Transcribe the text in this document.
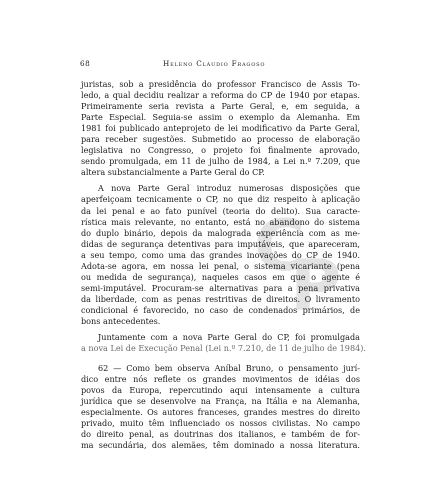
68	Heleno Cláudio Fragoso
juristas, sob a presidência do professor Francisco de Assis To-
ledo, a qual decidiu realizar a reforma do CP de 1940 por etapas.
Primeiramente seria revista a Parte Geral, e, em seguida, a
Parte Especial. Seguia-se assim o exemplo da Alemanha. Em
1981 foi publicado anteprojeto de lei modificativo da Parte Geral,
para receber sugestões. Submetido ao processo de elaboração
legislativa no Congresso, o projeto foi finalmente aprovado,
sendo promulgada, em 11 de julho de 1984, a Lei n.º 7.209, que
altera substancialmente a Parte Geral do CP.
A nova Parte Geral introduz numerosas disposições que
aperfeiçoam tecnicamente o CP, no que diz respeito à aplicação
da lei penal e ao fato punível (teoria do delito). Sua caracte-
rística mais relevante, no entanto, está no abandono do sistema
do duplo binário, depois da malograda experiência com as me-
didas de segurança detentivas para imputáveis, que apareceram,
a seu tempo, como uma das grandes inovações do CP de 1940.
Adota-se agora, em nossa lei penal, o sistema vicariante (pena
ou medida de segurança), naqueles casos em que o agente é
semi-imputável. Procuram-se alternativas para a pena privativa
da liberdade, com as penas restritivas de direitos. O livramento
condicional é favorecido, no caso de condenados primários, de
bons antecedentes.
Juntamente com a nova Parte Geral do CP, foi promulgada
a nova Lei de Execução Penal (Lei n.º 7.210, de 11 de julho de 1984).
62 — Como bem observa Aníbal Bruno, o pensamento jurí-
dico entre nós reflete os grandes movimentos de idéias dos
povos da Europa, repercutindo aqui intensamente a cultura
jurídica que se desenvolve na França, na Itália e na Alemanha,
especialmente. Os autores franceses, grandes mestres do direito
privado, muito têm influenciado os nossos civilistas. No campo
do direito penal, as doutrinas dos italianos, e também de for-
ma secundária, dos alemães, têm dominado a nossa literatura.
C
P
